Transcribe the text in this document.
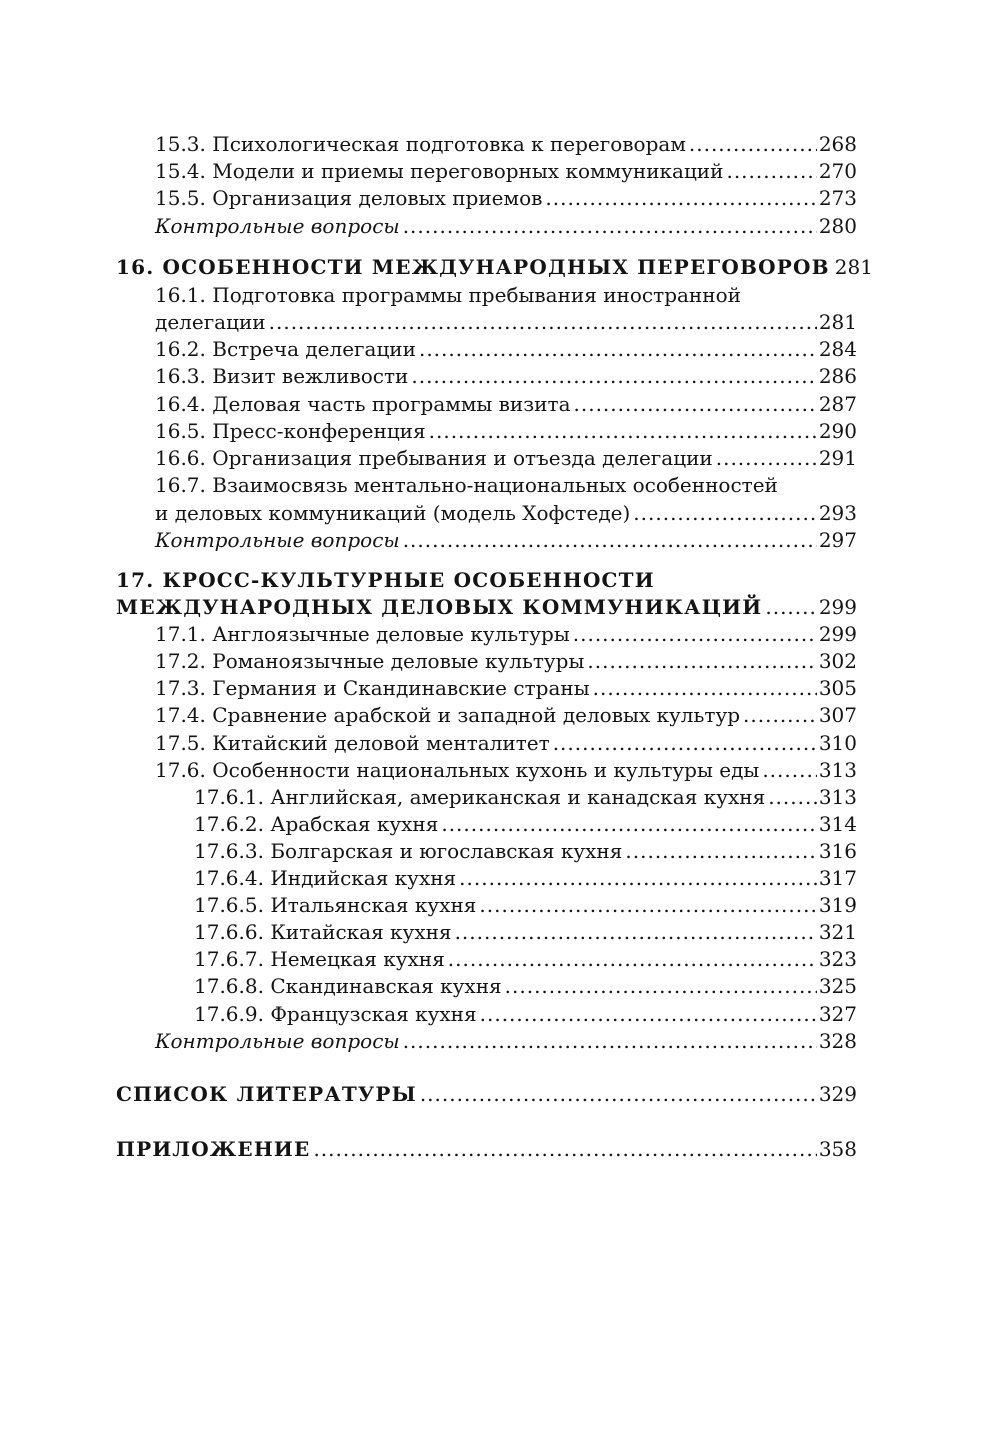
15.3. Психологическая подготовка к переговорам .....	268
15.4. Модели и приемы переговорных коммуникаций .....	270
15.5. Организация деловых приемов .....	273
Контрольные вопросы .....	280
16. ОСОБЕННОСТИ МЕЖДУНАРОДНЫХ ПЕРЕГОВОРОВ 281
16.1. Подготовка программы пребывания иностранной
делегации .....	281
16.2. Встреча делегации .....	284
16.3. Визит вежливости .....	286
16.4. Деловая часть программы визита .....	287
16.5. Пресс-конференция .....	290
16.6. Организация пребывания и отъезда делегации .....	291
16.7. Взаимосвязь ментально-национальных особенностей
и деловых коммуникаций (модель Хофстеде) .....	293
Контрольные вопросы .....	297
17. КРОСС-КУЛЬТУРНЫЕ ОСОБЕННОСТИ
МЕЖДУНАРОДНЫХ ДЕЛОВЫХ КОММУНИКАЦИЙ .....	299
17.1. Англоязычные деловые культуры .....	299
17.2. Романоязычные деловые культуры .....	302
17.3. Германия и Скандинавские страны .....	305
17.4. Сравнение арабской и западной деловых культур .....	307
17.5. Китайский деловой менталитет .....	310
17.6. Особенности национальных кухонь и культуры еды .....	313
17.6.1. Английская, американская и канадская кухня .....	313
17.6.2. Арабская кухня .....	314
17.6.3. Болгарская и югославская кухня .....	316
17.6.4. Индийская кухня .....	317
17.6.5. Итальянская кухня .....	319
17.6.6. Китайская кухня .....	321
17.6.7. Немецкая кухня .....	323
17.6.8. Скандинавская кухня .....	325
17.6.9. Французская кухня .....	327
Контрольные вопросы .....	328
СПИСОК ЛИТЕРАТУРЫ .....	329
ПРИЛОЖЕНИЕ .....	358
